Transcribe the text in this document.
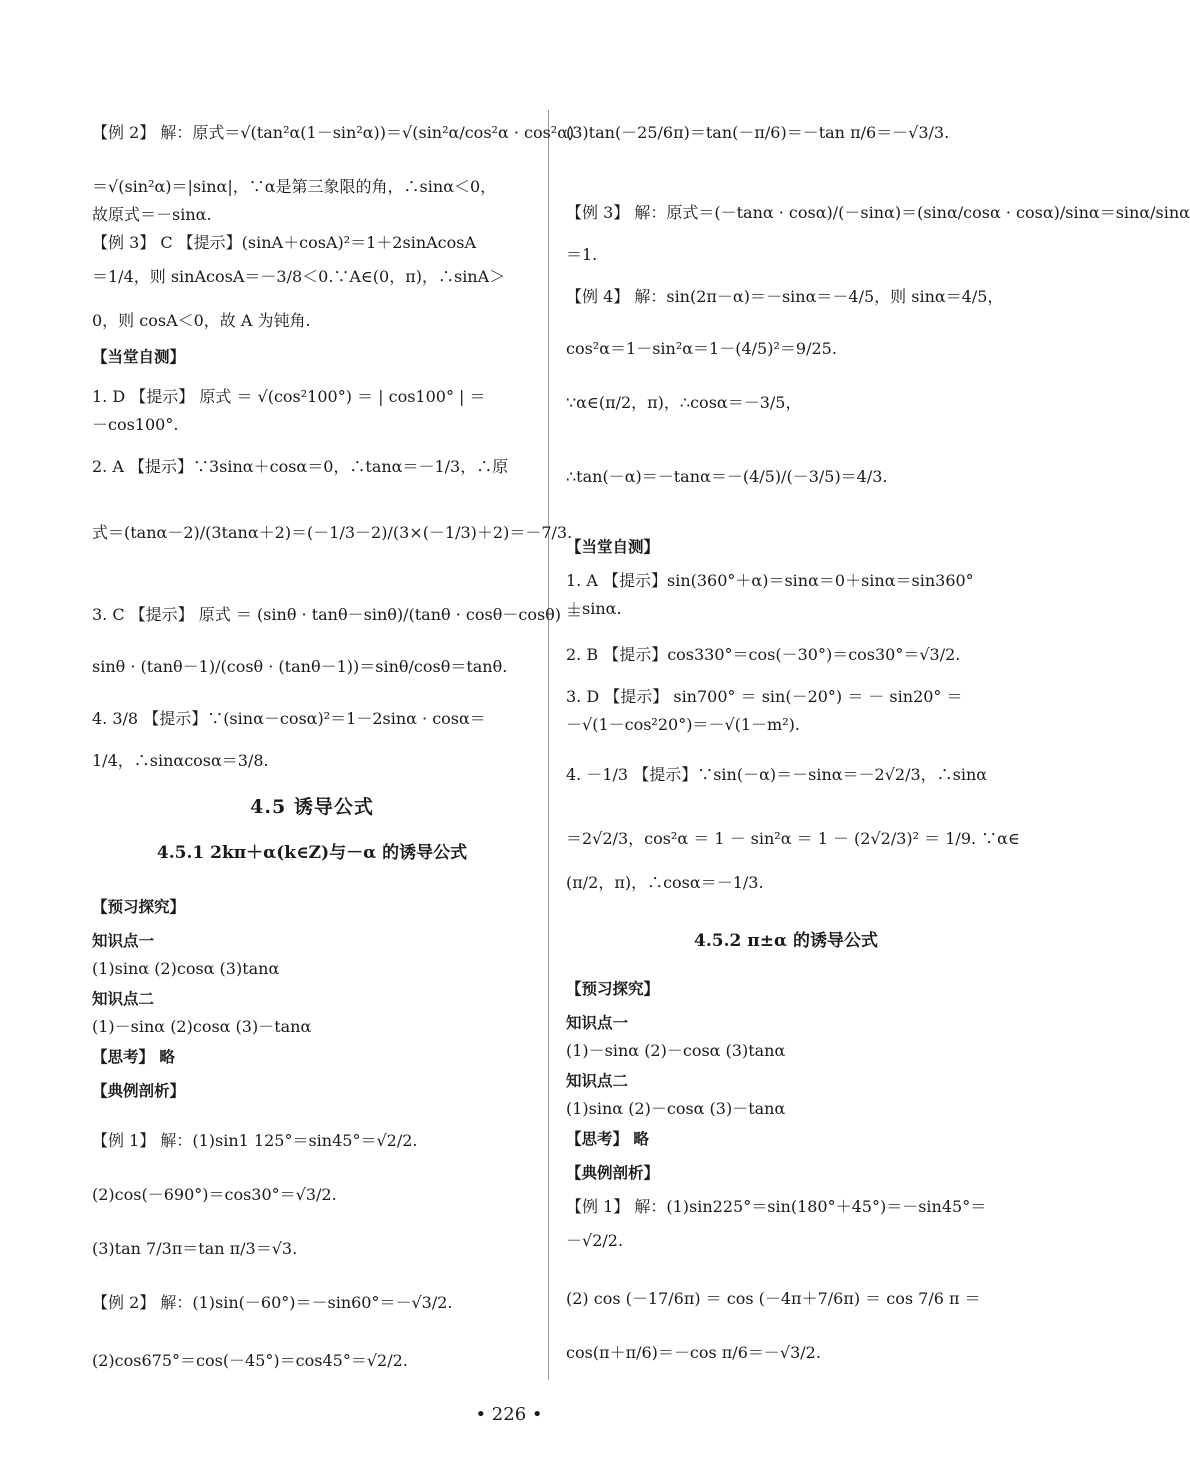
【例 2】 解：原式＝√(tan²α(1－sin²α))＝√(sin²α/cos²α · cos²α)
＝√(sin²α)＝|sinα|，∵α是第三象限的角，∴sinα＜0，
故原式＝－sinα.
【例 3】 C 【提示】(sinA＋cosA)²＝1＋2sinAcosA
＝1/4，则 sinAcosA＝－3/8＜0.∵A∈(0，π)，∴sinA＞
0，则 cosA＜0，故 A 为钝角.
【当堂自测】
1. D 【提示】 原式 ＝ √(cos²100°) ＝ | cos100° | ＝
－cos100°.
2. A 【提示】∵3sinα＋cosα＝0，∴tanα＝－1/3，∴原
式＝(tanα－2)/(3tanα＋2)＝(－1/3－2)/(3×(－1/3)＋2)＝－7/3.
3. C 【提示】 原式 ＝ (sinθ · tanθ－sinθ)/(tanθ · cosθ－cosθ) ＝
sinθ · (tanθ－1)/(cosθ · (tanθ－1))＝sinθ/cosθ＝tanθ.
4. 3/8 【提示】∵(sinα－cosα)²＝1－2sinα · cosα＝
1/4，∴sinαcosα＝3/8.
4.5 诱导公式
4.5.1 2kπ＋α(k∈Z)与－α 的诱导公式
【预习探究】
知识点一
(1)sinα (2)cosα (3)tanα
知识点二
(1)－sinα (2)cosα (3)－tanα
【思考】 略
【典例剖析】
【例 1】 解：(1)sin1 125°＝sin45°＝√2/2.
(2)cos(－690°)＝cos30°＝√3/2.
(3)tan 7/3π＝tan π/3＝√3.
【例 2】 解：(1)sin(－60°)＝－sin60°＝－√3/2.
(2)cos675°＝cos(－45°)＝cos45°＝√2/2.
(3)tan(－25/6π)＝tan(－π/6)＝－tan π/6＝－√3/3.
【例 3】 解：原式＝(－tanα · cosα)/(－sinα)＝(sinα/cosα · cosα)/sinα＝sinα/sinα
＝1.
【例 4】 解：sin(2π－α)＝－sinα＝－4/5，则 sinα＝4/5，
cos²α＝1－sin²α＝1－(4/5)²＝9/25.
∵α∈(π/2，π)，∴cosα＝－3/5，
∴tan(－α)＝－tanα＝－(4/5)/(－3/5)＝4/3.
【当堂自测】
1. A 【提示】sin(360°＋α)＝sinα＝0＋sinα＝sin360°
＋sinα.
2. B 【提示】cos330°＝cos(－30°)＝cos30°＝√3/2.
3. D 【提示】 sin700° ＝ sin(－20°) ＝ － sin20° ＝
－√(1－cos²20°)＝－√(1－m²).
4. －1/3 【提示】∵sin(－α)＝－sinα＝－2√2/3，∴sinα
＝2√2/3，cos²α ＝ 1 － sin²α ＝ 1 － (2√2/3)² ＝ 1/9. ∵α∈
(π/2，π)，∴cosα＝－1/3.
4.5.2 π±α 的诱导公式
【预习探究】
知识点一
(1)－sinα (2)－cosα (3)tanα
知识点二
(1)sinα (2)－cosα (3)－tanα
【思考】 略
【典例剖析】
【例 1】 解：(1)sin225°＝sin(180°＋45°)＝－sin45°＝
－√2/2.
(2) cos (－17/6π) ＝ cos (－4π＋7/6π) ＝ cos 7/6 π ＝
cos(π＋π/6)＝－cos π/6＝－√3/2.
• 226 •
